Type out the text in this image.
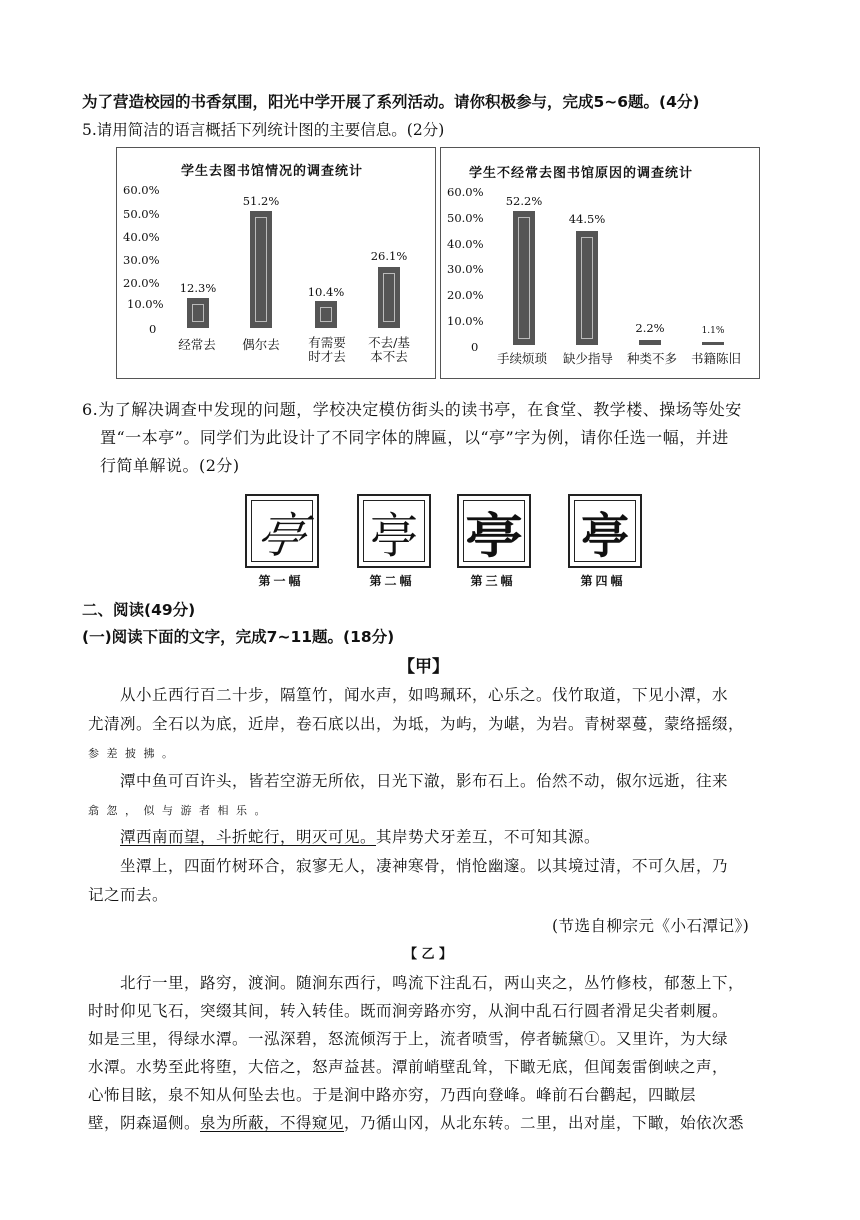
为了营造校园的书香氛围，阳光中学开展了系列活动。请你积极参与，完成5~6题。(4分)
5.请用简洁的语言概括下列统计图的主要信息。(2分)
学生去图书馆情况的调查统计
60.0%
50.0%
40.0%
30.0%
20.0%
10.0%
0
12.3%
51.2%
10.4%
26.1%
经常去	偶尔去	有需要
时才去
不去/基
本不去
学生不经常去图书馆原因的调查统计
60.0%
50.0%
40.0%
30.0%
20.0%
10.0%
0
52.2%
44.5%
2.2%	1.1%
手续烦琐	缺少指导	种类不多	书籍陈旧
6.为了解决调查中发现的问题，学校决定模仿街头的读书亭，在食堂、教学楼、操场等处安
置“一本亭”。同学们为此设计了不同字体的牌匾，以“亭”字为例，请你任选一幅，并进
行简单解说。(2分)
亭 亭 亭 亭
第一幅	第二幅	第三幅	第四幅
二、阅读(49分)
(一)阅读下面的文字，完成7~11题。(18分)
【甲】
从小丘西行百二十步，隔篁竹，闻水声，如鸣珮环，心乐之。伐竹取道，下见小潭，水
尤清冽。全石以为底，近岸，卷石底以出，为坻，为屿，为嵁，为岩。青树翠蔓，蒙络摇缀，
参 差 披 拂 。
潭中鱼可百许头，皆若空游无所依，日光下澈，影布石上。佁然不动，俶尔远逝，往来
翕 忽 ， 似 与 游 者 相 乐 。
潭西南而望，斗折蛇行，明灭可见。其岸势犬牙差互，不可知其源。
坐潭上，四面竹树环合，寂寥无人，凄神寒骨，悄怆幽邃。以其境过清，不可久居，乃
记之而去。
(节选自柳宗元《小石潭记》)
【 乙 】
北行一里，路穷，渡涧。随涧东西行，鸣流下注乱石，两山夹之，丛竹修枝，郁葱上下，
时时仰见飞石，突缀其间，转入转佳。既而涧旁路亦穷，从涧中乱石行圆者滑足尖者刺履。
如是三里，得绿水潭。一泓深碧，怒流倾泻于上，流者喷雪，停者毓黛①。又里许，为大绿
水潭。水势至此将堕，大倍之，怒声益甚。潭前峭壁乱耸，下瞰无底，但闻轰雷倒峡之声，
心怖目眩，泉不知从何坠去也。于是涧中路亦穷，乃西向登峰。峰前石台鹳起，四瞰层
壁，阴森逼侧。泉为所蔽，不得窥见，乃循山冈，从北东转。二里，出对崖，下瞰，始依次悉
